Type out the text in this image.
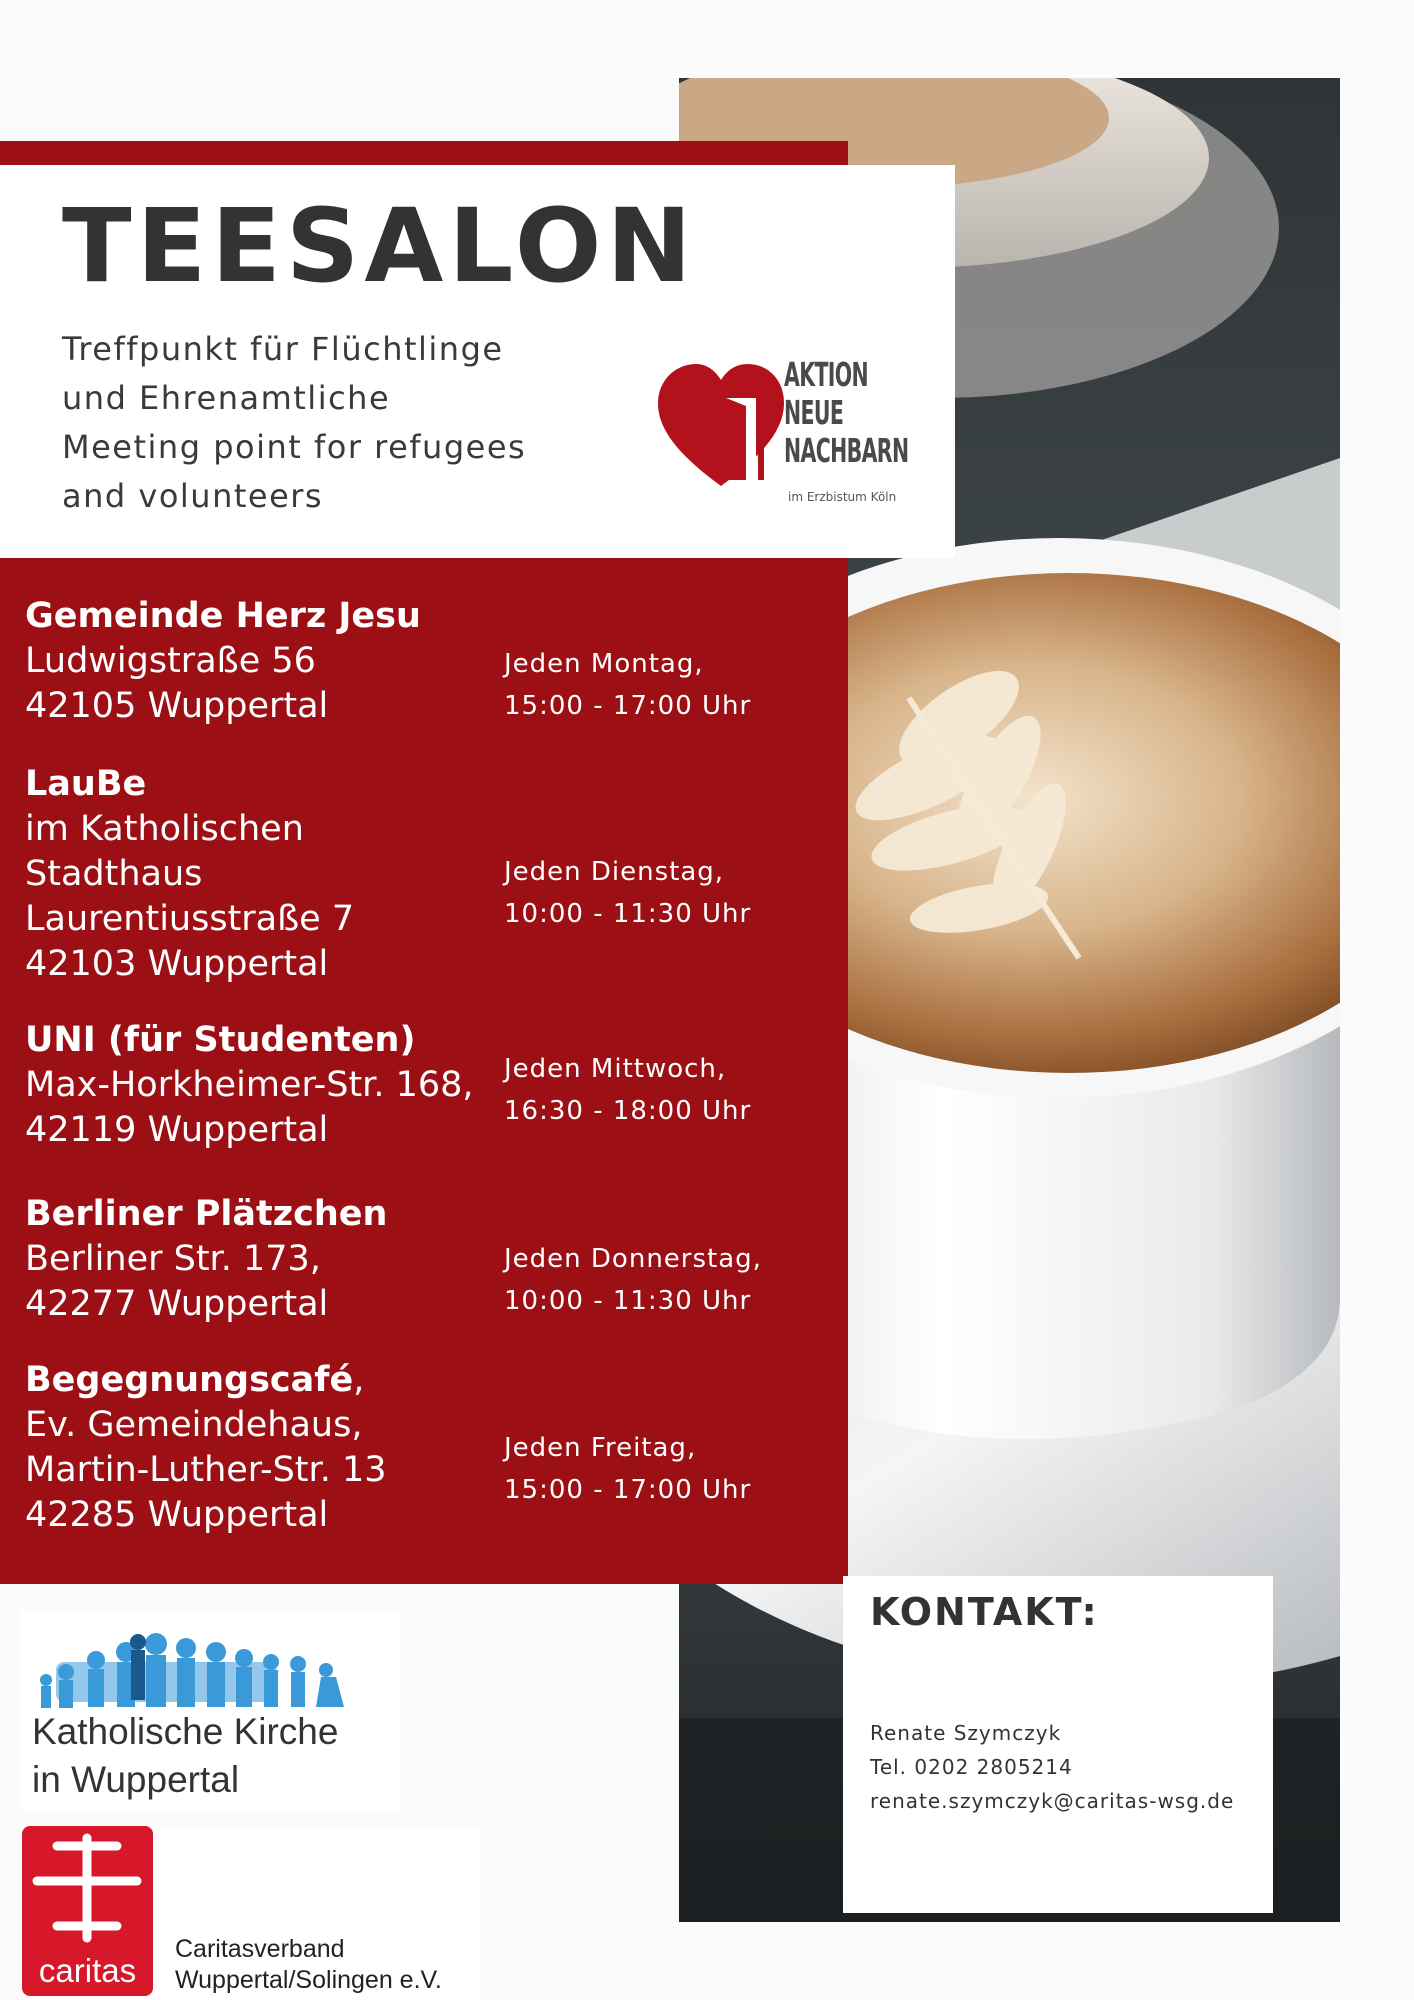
TEESALON
Treffpunkt für Flüchtlinge
und Ehrenamtliche
Meeting point for refugees
and volunteers
AKTION
NEUE
NACHBARN
im Erzbistum Köln
Gemeinde Herz Jesu
Ludwigstraße 56
42105 Wuppertal
Jeden Montag,
15:00 - 17:00 Uhr
LauBe
im Katholischen
Stadthaus
Laurentiusstraße 7
42103 Wuppertal
Jeden Dienstag,
10:00 - 11:30 Uhr
UNI (für Studenten)
Max-Horkheimer-Str. 168,
42119 Wuppertal
Jeden Mittwoch,
16:30 - 18:00 Uhr
Berliner Plätzchen
Berliner Str. 173,
42277 Wuppertal
Jeden Donnerstag,
10:00 - 11:30 Uhr
Begegnungscafé,
Ev. Gemeindehaus,
Martin-Luther-Str. 13
42285 Wuppertal
Jeden Freitag,
15:00 - 17:00 Uhr
Katholische Kirche
in Wuppertal
caritas
Caritasverband
Wuppertal/Solingen e.V.
KONTAKT:
Renate Szymczyk
Tel. 0202 2805214
renate.szymczyk@caritas-wsg.de
